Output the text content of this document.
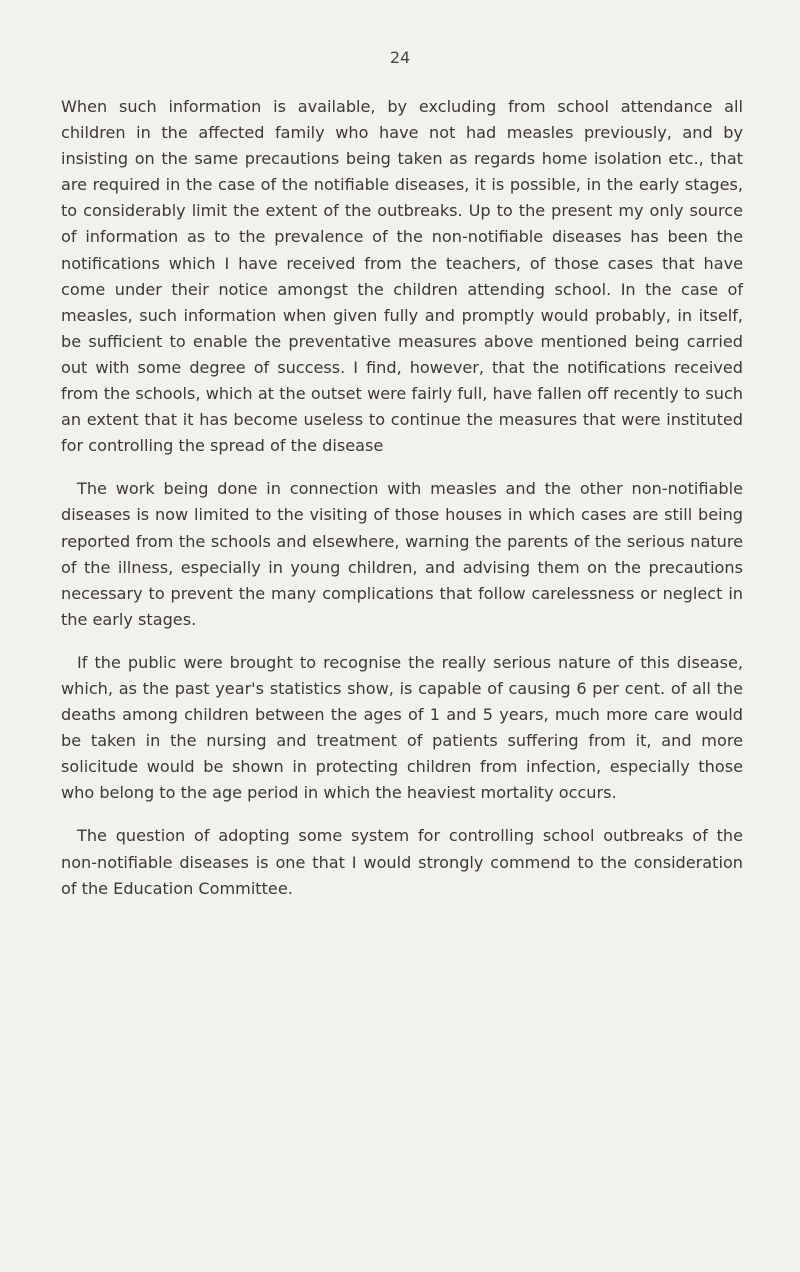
24

When such information is available, by excluding from school attendance all children in the affected family who have not had measles previously, and by insisting on the same precautions being taken as regards home isolation etc., that are required in the case of the notifiable diseases, it is possible, in the early stages, to considerably limit the extent of the outbreaks. Up to the present my only source of information as to the prevalence of the non-notifiable diseases has been the notifications which I have received from the teachers, of those cases that have come under their notice amongst the children attending school. In the case of measles, such information when given fully and promptly would probably, in itself, be sufficient to enable the preventative measures above mentioned being carried out with some degree of success. I find, however, that the notifications received from the schools, which at the outset were fairly full, have fallen off recently to such an extent that it has become useless to continue the measures that were instituted for controlling the spread of the disease

The work being done in connection with measles and the other non-notifiable diseases is now limited to the visiting of those houses in which cases are still being reported from the schools and elsewhere, warning the parents of the serious nature of the illness, especially in young children, and advising them on the precautions necessary to prevent the many complications that follow carelessness or neglect in the early stages.

If the public were brought to recognise the really serious nature of this disease, which, as the past year's statistics show, is capable of causing 6 per cent. of all the deaths among children between the ages of 1 and 5 years, much more care would be taken in the nursing and treatment of patients suffering from it, and more solicitude would be shown in protecting children from infection, especially those who belong to the age period in which the heaviest mortality occurs.

The question of adopting some system for controlling school outbreaks of the non-notifiable diseases is one that I would strongly commend to the consideration of the Education Committee.
